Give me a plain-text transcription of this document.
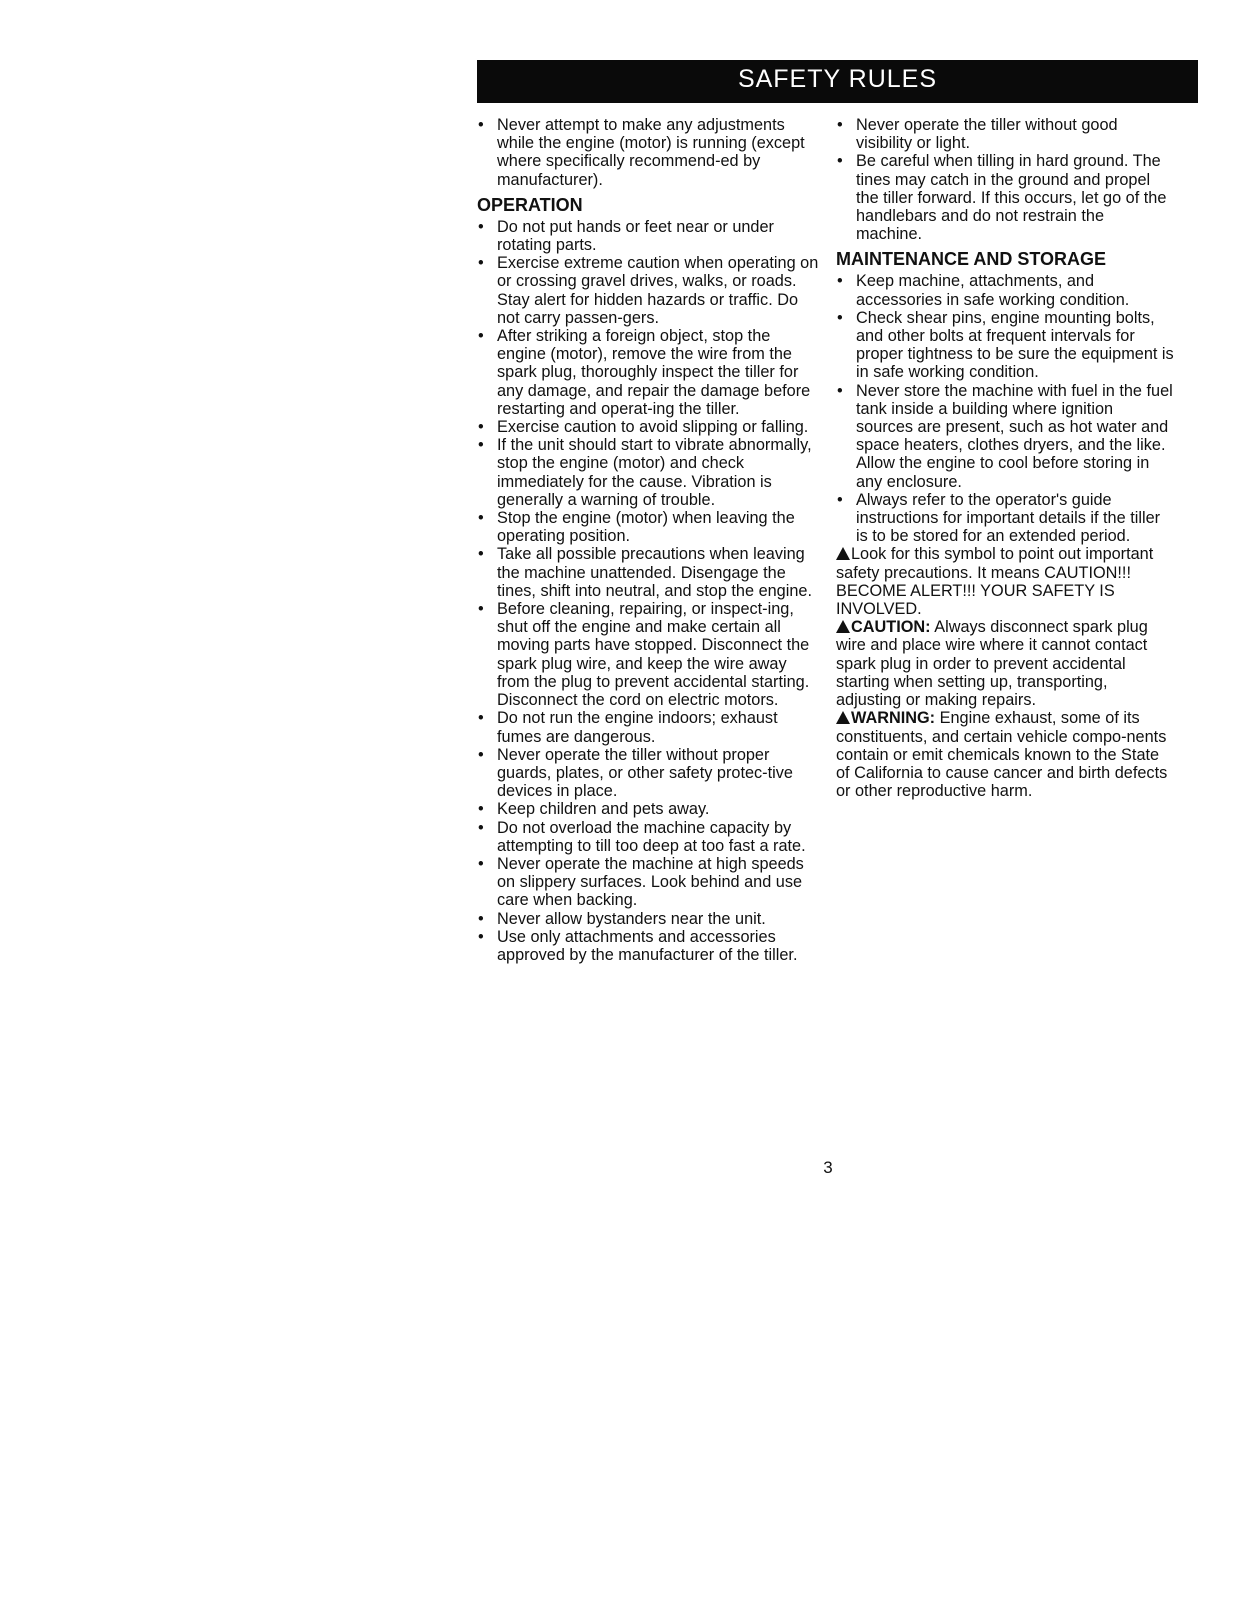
SAFETY RULES
• Never attempt to make any adjustments while the engine (motor) is running (except where specifically recommend-ed by manufacturer).
OPERATION
• Do not put hands or feet near or under rotating parts.
• Exercise extreme caution when operating on or crossing gravel drives, walks, or roads. Stay alert for hidden hazards or traffic. Do not carry passen-gers.
• After striking a foreign object, stop the engine (motor), remove the wire from the spark plug, thoroughly inspect the tiller for any damage, and repair the damage before restarting and operat-ing the tiller.
• Exercise caution to avoid slipping or falling.
• If the unit should start to vibrate abnormally, stop the engine (motor) and check immediately for the cause. Vibration is generally a warning of trouble.
• Stop the engine (motor) when leaving the operating position.
• Take all possible precautions when leaving the machine unattended. Disengage the tines, shift into neutral, and stop the engine.
• Before cleaning, repairing, or inspect-ing, shut off the engine and make certain all moving parts have stopped. Disconnect the spark plug wire, and keep the wire away from the plug to prevent accidental starting. Disconnect the cord on electric motors.
• Do not run the engine indoors; exhaust fumes are dangerous.
• Never operate the tiller without proper guards, plates, or other safety protec-tive devices in place.
• Keep children and pets away.
• Do not overload the machine capacity by attempting to till too deep at too fast a rate.
• Never operate the machine at high speeds on slippery surfaces. Look behind and use care when backing.
• Never allow bystanders near the unit.
• Use only attachments and accessories approved by the manufacturer of the tiller.
• Never operate the tiller without good visibility or light.
• Be careful when tilling in hard ground. The tines may catch in the ground and propel the tiller forward. If this occurs, let go of the handlebars and do not restrain the machine.
MAINTENANCE AND STORAGE
• Keep machine, attachments, and accessories in safe working condition.
• Check shear pins, engine mounting bolts, and other bolts at frequent intervals for proper tightness to be sure the equipment is in safe working condition.
• Never store the machine with fuel in the fuel tank inside a building where ignition sources are present, such as hot water and space heaters, clothes dryers, and the like. Allow the engine to cool before storing in any enclosure.
• Always refer to the operator's guide instructions for important details if the tiller is to be stored for an extended period.

Look for this symbol to point out important safety precautions. It means CAUTION!!! BECOME ALERT!!! YOUR SAFETY IS INVOLVED.

CAUTION: Always disconnect spark plug wire and place wire where it cannot contact spark plug in order to prevent accidental starting when setting up, transporting, adjusting or making repairs.

WARNING: Engine exhaust, some of its constituents, and certain vehicle compo-nents contain or emit chemicals known to the State of California to cause cancer and birth defects or other reproductive harm.

3
